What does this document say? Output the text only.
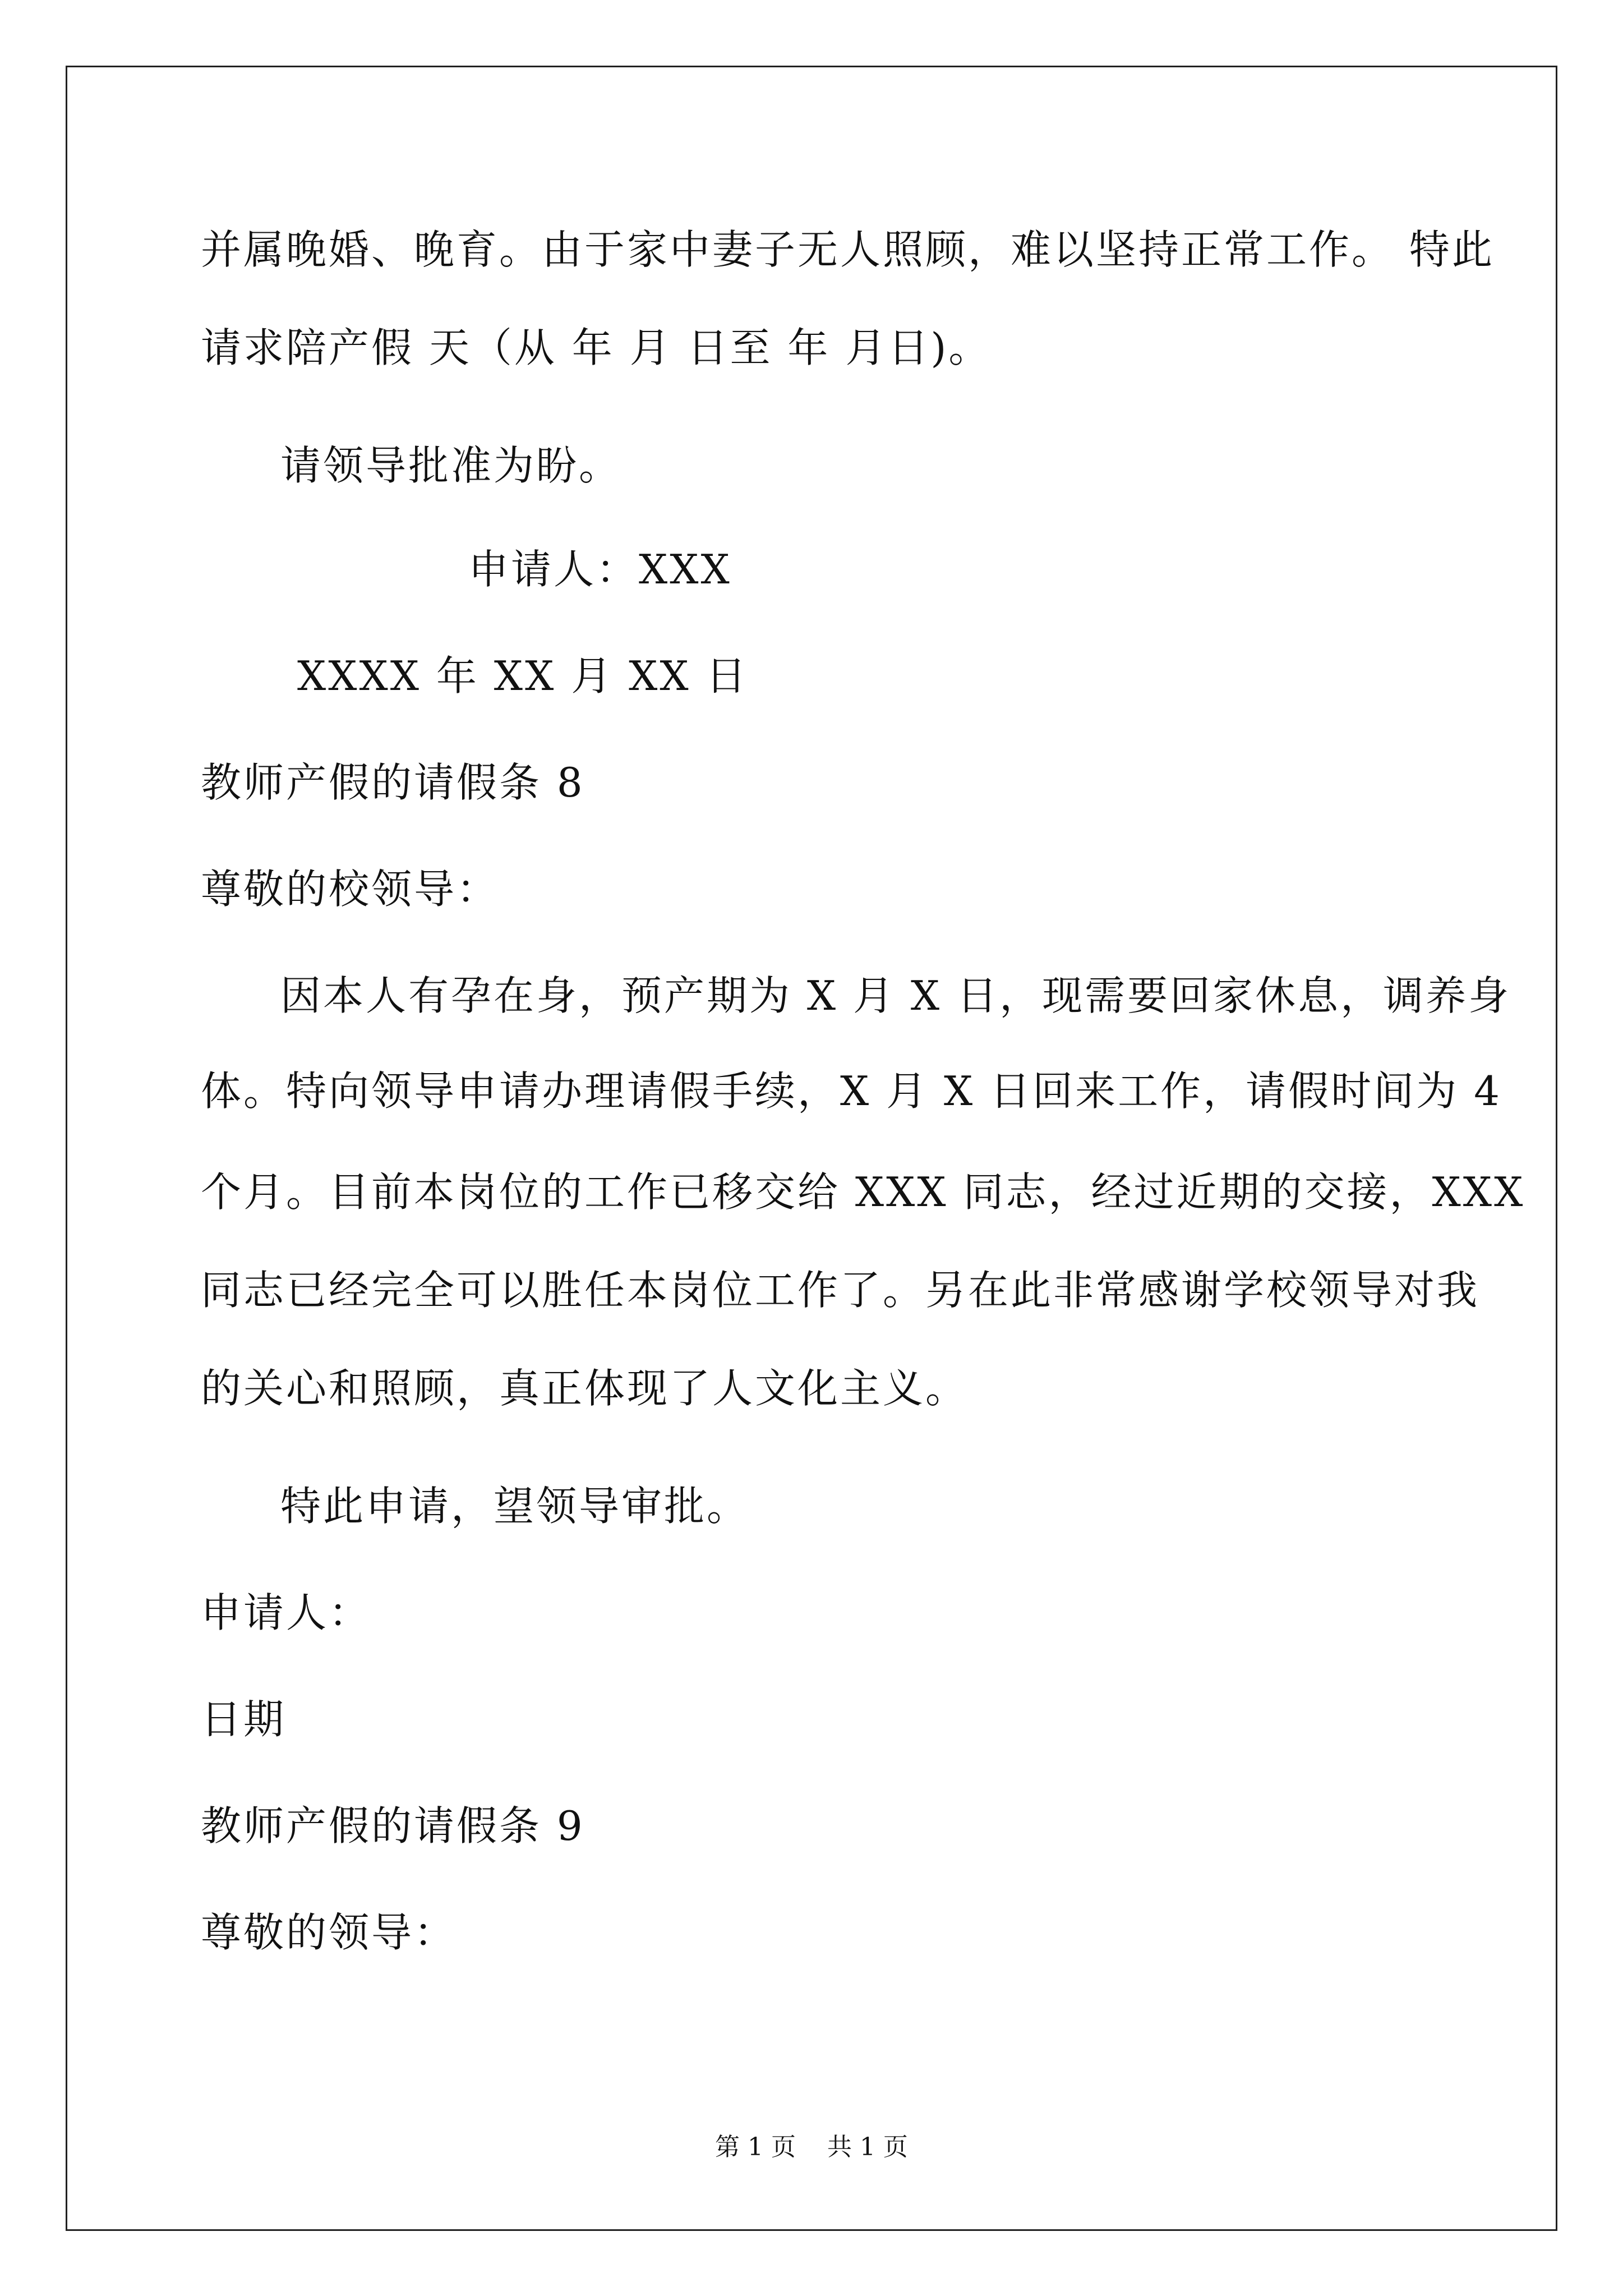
并属晚婚、晚育。由于家中妻子无人照顾，难以坚持正常工作。 特此
请求陪产假 天（从 年 月 日至 年 月日)。
请领导批准为盼。
申请人：XXX
XXXX 年 XX 月 XX 日
教师产假的请假条 8
尊敬的校领导：
因本人有孕在身，预产期为 X 月 X 日，现需要回家休息，调养身
体。特向领导申请办理请假手续，X 月 X 日回来工作，请假时间为 4
个月。目前本岗位的工作已移交给 XXX 同志，经过近期的交接，XXX
同志已经完全可以胜任本岗位工作了。另在此非常感谢学校领导对我
的关心和照顾，真正体现了人文化主义。
特此申请，望领导审批。
申请人：
日期
教师产假的请假条 9
尊敬的领导：
第 1 页    共 1 页
